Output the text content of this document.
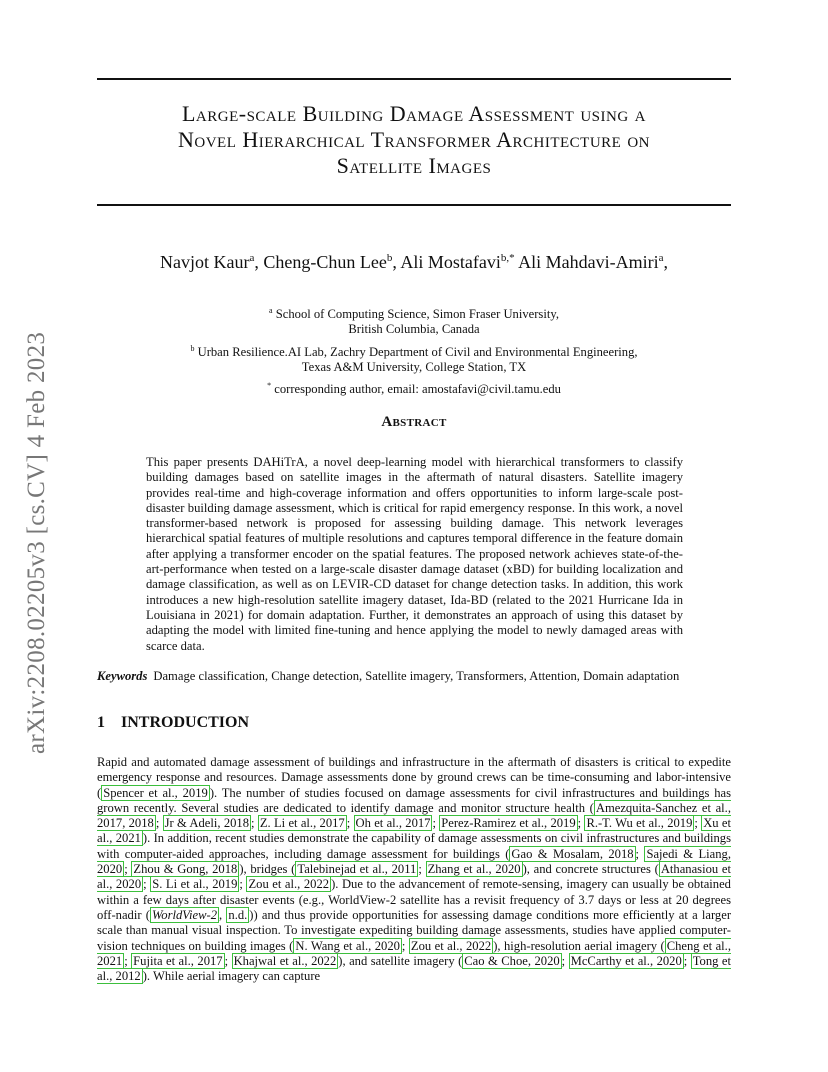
Large-scale Building Damage Assessment using a
Novel Hierarchical Transformer Architecture on
Satellite Images
arXiv:2208.02205v3 [cs.CV] 4 Feb 2023
Navjot Kaur$^a$, Cheng-Chun Lee$^b$, Ali Mostafavi$^{b,*}$ Ali Mahdavi-Amiri$^a$,
$^a$ School of Computing Science, Simon Fraser University,
British Columbia, Canada
$^b$ Urban Resilience.AI Lab, Zachry Department of Civil and Environmental Engineering,
Texas A&M University, College Station, TX
* corresponding author, email: amostafavi@civil.tamu.edu
Abstract
This paper presents DAHiTrA, a novel deep-learning model with hierarchical transformers to classify building damages based on satellite images in the aftermath of natural disasters. Satellite imagery provides real-time and high-coverage information and offers opportunities to inform large-scale post-disaster building damage assessment, which is critical for rapid emergency response. In this work, a novel transformer-based network is proposed for assessing building damage. This network leverages hierarchical spatial features of multiple resolutions and captures temporal difference in the feature domain after applying a transformer encoder on the spatial features. The proposed network achieves state-of-the-art-performance when tested on a large-scale disaster damage dataset (xBD) for building localization and damage classification, as well as on LEVIR-CD dataset for change detection tasks. In addition, this work introduces a new high-resolution satellite imagery dataset, Ida-BD (related to the 2021 Hurricane Ida in Louisiana in 2021) for domain adaptation. Further, it demonstrates an approach of using this dataset by adapting the model with limited fine-tuning and hence applying the model to newly damaged areas with scarce data.
Keywords Damage classification, Change detection, Satellite imagery, Transformers, Attention, Domain adaptation
1 INTRODUCTION
Rapid and automated damage assessment of buildings and infrastructure in the aftermath of disasters is critical to expedite emergency response and resources. Damage assessments done by ground crews can be time-consuming and labor-intensive ( Spencer et al., 2019 ). The number of studies focused on damage assessments for civil infrastructures and buildings has grown recently. Several studies are dedicated to identify damage and monitor structure health ( Amezquita-Sanchez et al., 2017, 2018 ; Jr & Adeli, 2018 ; Z. Li et al., 2017 ; Oh et al., 2017 ; Perez-Ramirez et al., 2019 ; R.-T. Wu et al., 2019 ; Xu et al., 2021 ). In addition, recent studies demonstrate the capability of damage assessments on civil infrastructures and buildings with computer-aided approaches, including damage assessment for buildings ( Gao & Mosalam, 2018 ; Sajedi & Liang, 2020 ; Zhou & Gong, 2018 ), bridges ( Talebinejad et al., 2011 ; Zhang et al., 2020 ), and concrete structures ( Athanasiou et al., 2020 ; S. Li et al., 2019 ; Zou et al., 2022 ). Due to the advancement of remote-sensing, imagery can usually be obtained within a few days after disaster events (e.g., WorldView-2 satellite has a revisit frequency of 3.7 days or less at 20 degrees off-nadir ( WorldView-2 , n.d. )) and thus provide opportunities for assessing damage conditions more efficiently at a larger scale than manual visual inspection. To investigate expediting building damage assessments, studies have applied computer-vision techniques on building images ( N. Wang et al., 2020 ; Zou et al., 2022 ), high-resolution aerial imagery ( Cheng et al., 2021 ; Fujita et al., 2017 ; Khajwal et al., 2022 ), and satellite imagery ( Cao & Choe, 2020 ; McCarthy et al., 2020 ; Tong et al., 2012 ). While aerial imagery can capture
